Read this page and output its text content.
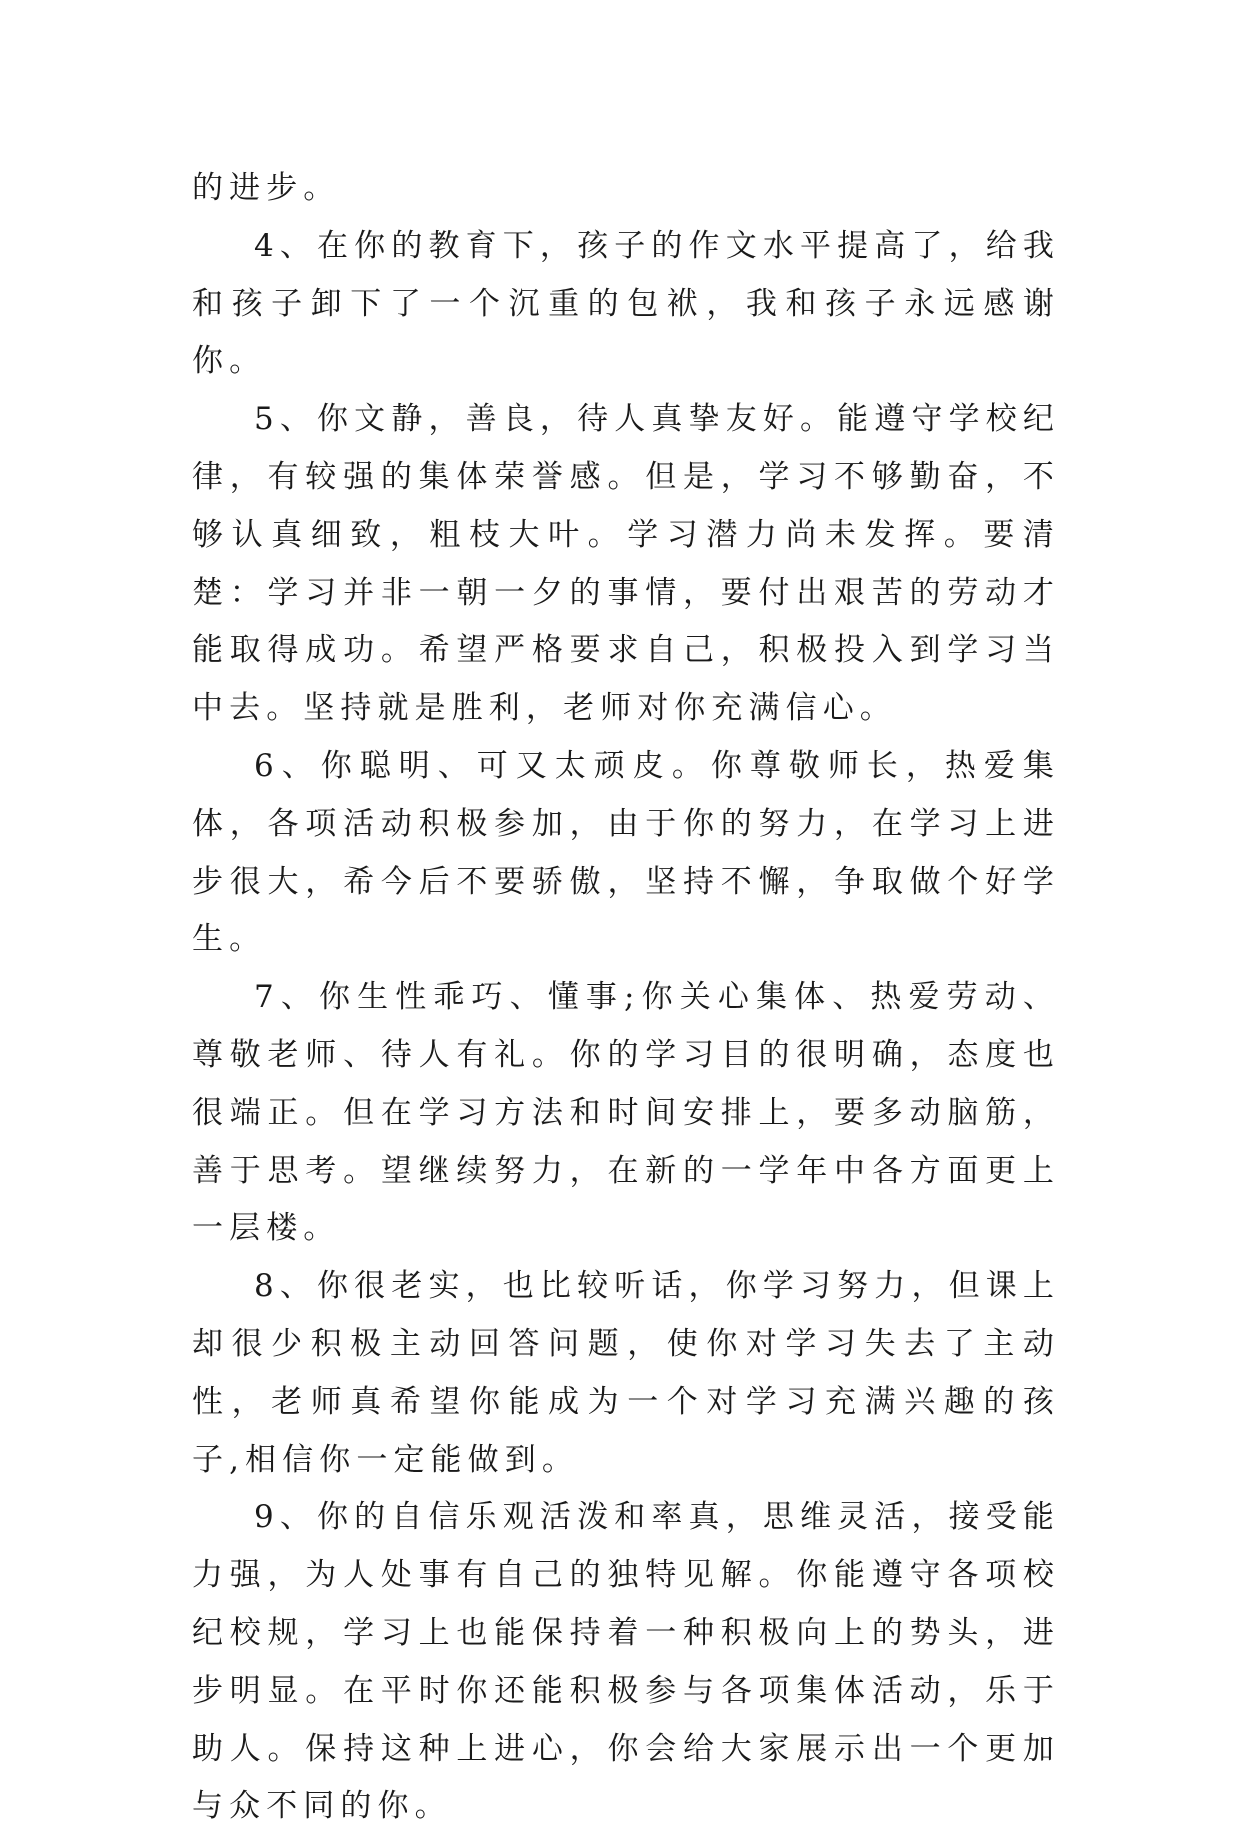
的进步。

4、在你的教育下，孩子的作文水平提高了，给我和孩子卸下了一个沉重的包袱，我和孩子永远感谢你。

5、你文静，善良，待人真挚友好。能遵守学校纪律，有较强的集体荣誉感。但是，学习不够勤奋，不够认真细致，粗枝大叶。学习潜力尚未发挥。要清楚：学习并非一朝一夕的事情，要付出艰苦的劳动才能取得成功。希望严格要求自己，积极投入到学习当中去。坚持就是胜利，老师对你充满信心。

6、你聪明、可又太顽皮。你尊敬师长，热爱集体，各项活动积极参加，由于你的努力，在学习上进步很大，希今后不要骄傲，坚持不懈，争取做个好学生。

7、你生性乖巧、懂事;你关心集体、热爱劳动、尊敬老师、待人有礼。你的学习目的很明确，态度也很端正。但在学习方法和时间安排上，要多动脑筋，善于思考。望继续努力，在新的一学年中各方面更上一层楼。

8、你很老实，也比较听话，你学习努力，但课上却很少积极主动回答问题，使你对学习失去了主动性，老师真希望你能成为一个对学习充满兴趣的孩子,相信你一定能做到。

9、你的自信乐观活泼和率真，思维灵活，接受能力强，为人处事有自己的独特见解。你能遵守各项校纪校规，学习上也能保持着一种积极向上的势头，进步明显。在平时你还能积极参与各项集体活动，乐于助人。保持这种上进心，你会给大家展示出一个更加与众不同的你。
